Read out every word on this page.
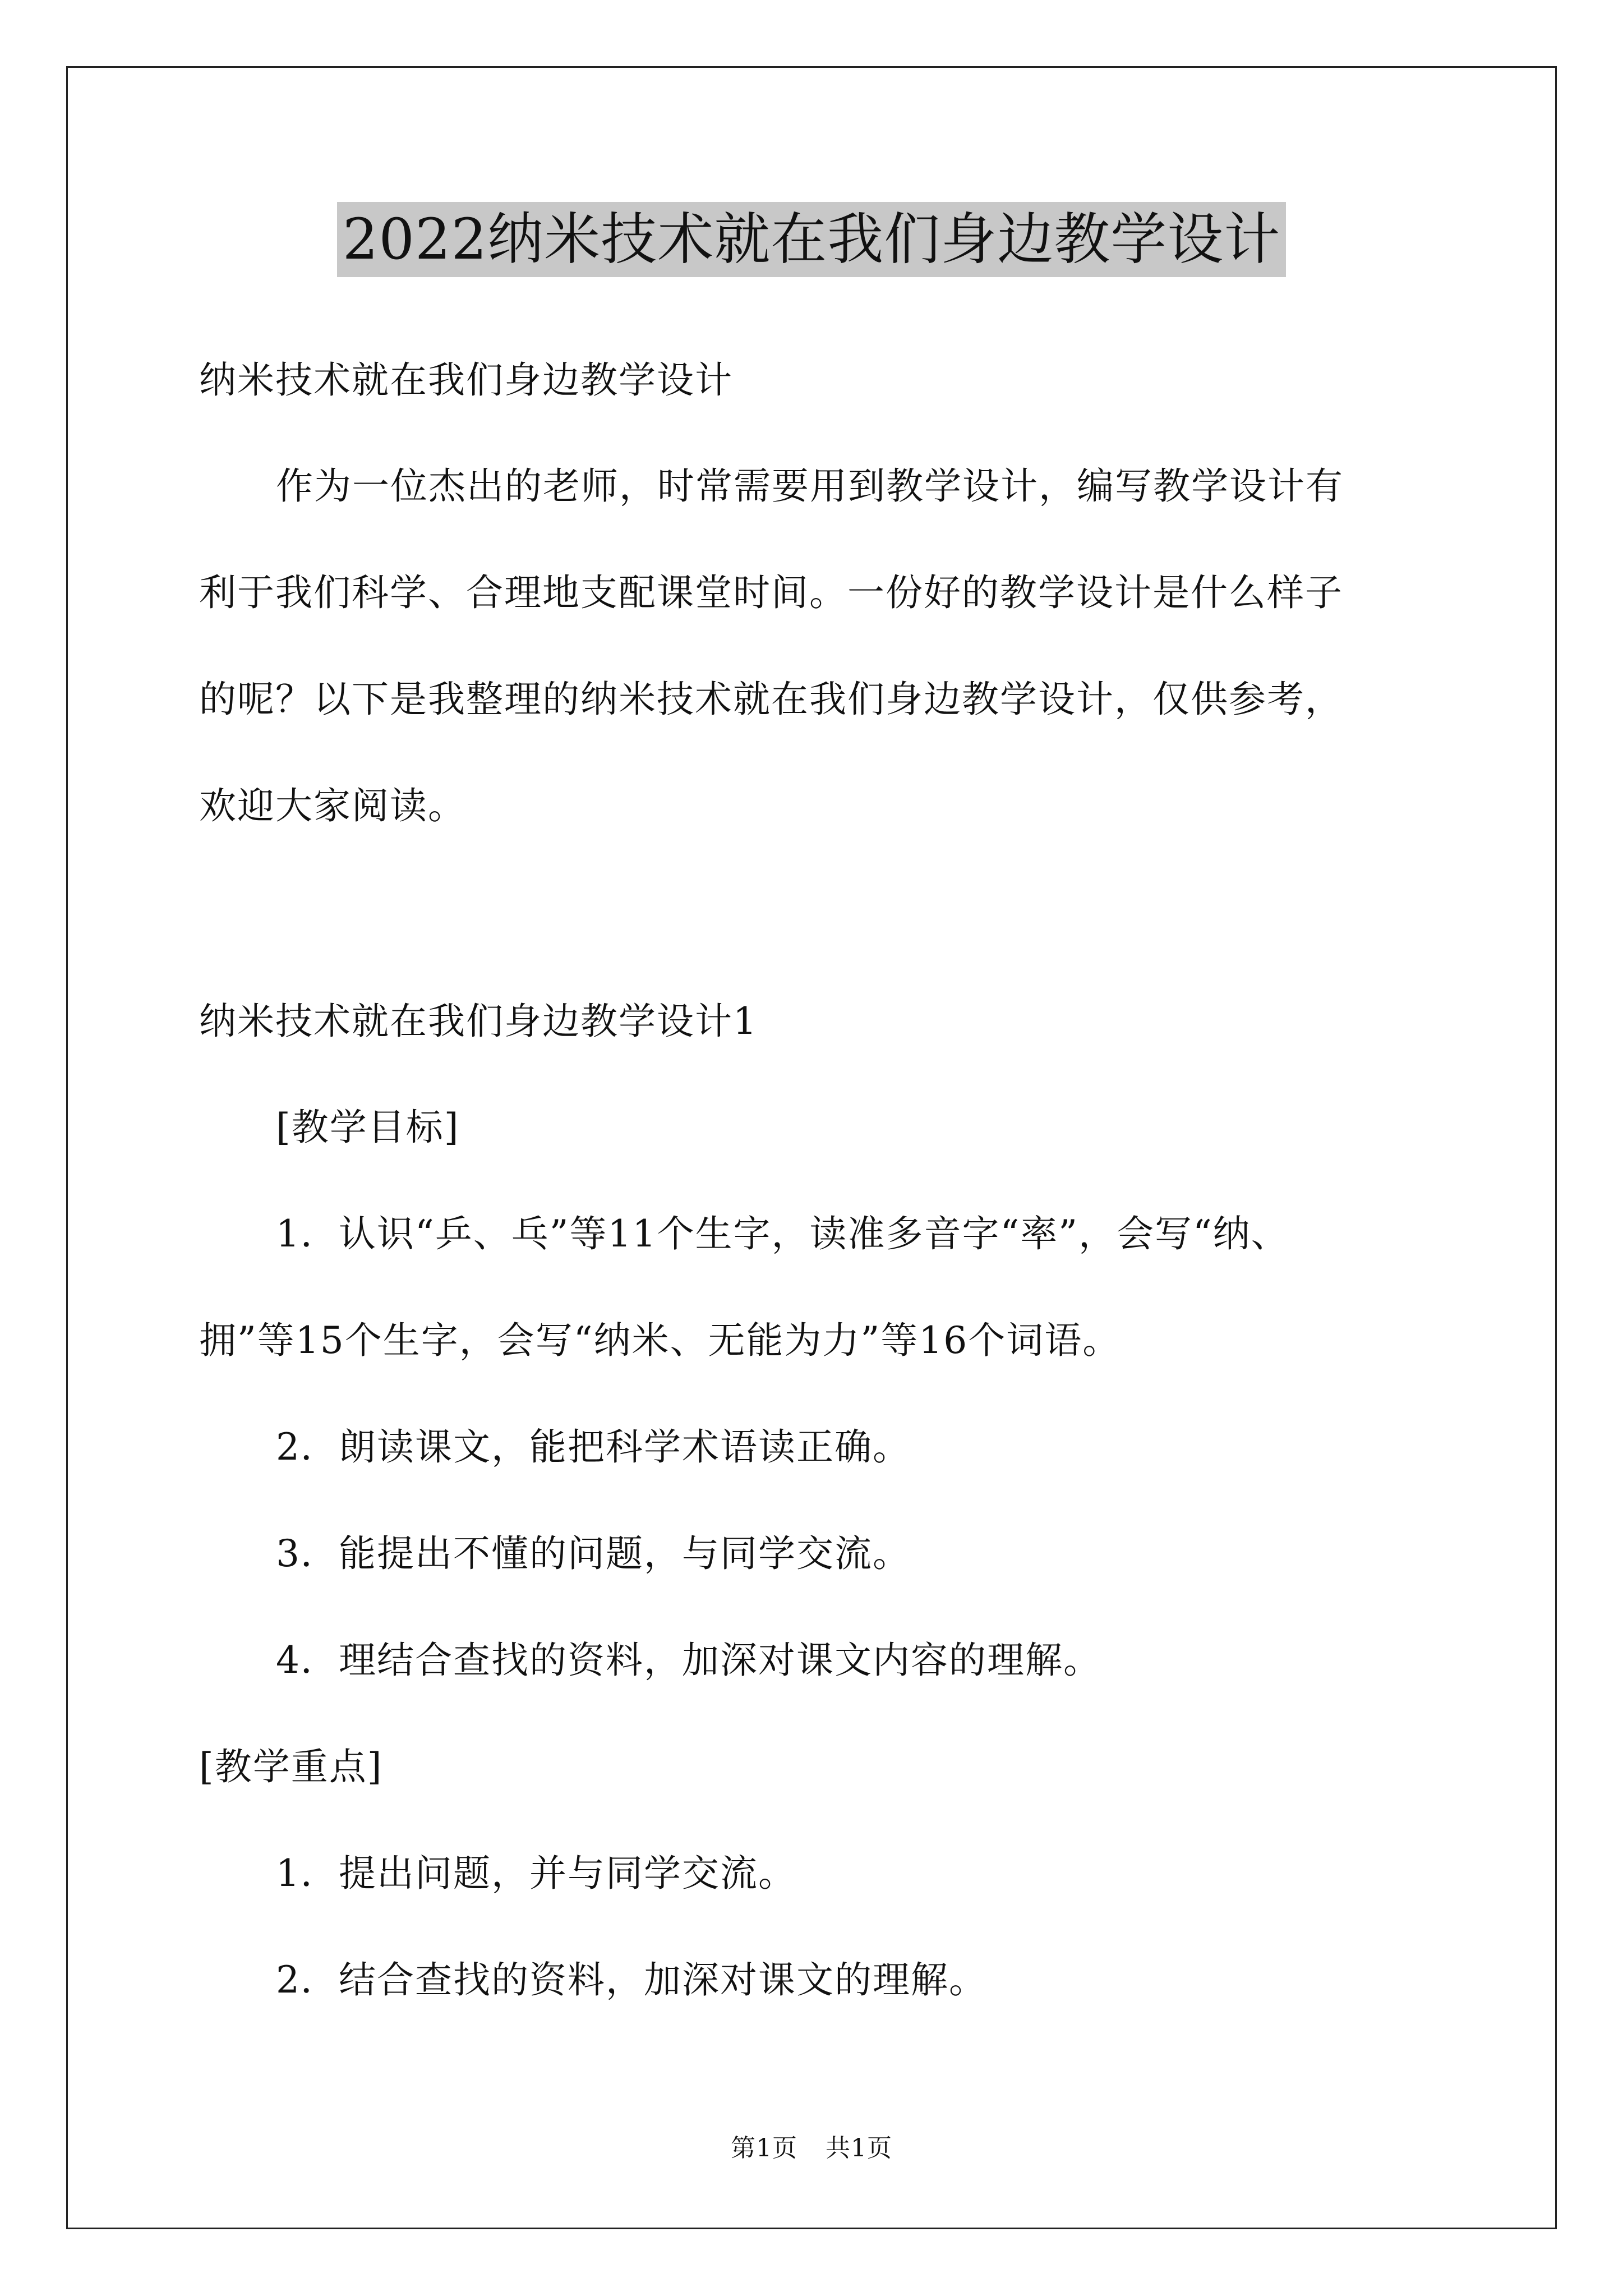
2022纳米技术就在我们身边教学设计
纳米技术就在我们身边教学设计
作为一位杰出的老师，时常需要用到教学设计，编写教学设计有
利于我们科学、合理地支配课堂时间。一份好的教学设计是什么样子
的呢？以下是我整理的纳米技术就在我们身边教学设计，仅供参考，
欢迎大家阅读。
纳米技术就在我们身边教学设计1
[教学目标]
1．认识“乒、乓”等11个生字，读准多音字“率”，会写“纳、
拥”等15个生字，会写“纳米、无能为力”等16个词语。
2．朗读课文，能把科学术语读正确。
3．能提出不懂的问题，与同学交流。
4．理结合查找的资料，加深对课文内容的理解。
[教学重点]
1．提出问题，并与同学交流。
2．结合查找的资料，加深对课文的理解。
第1页 共1页
